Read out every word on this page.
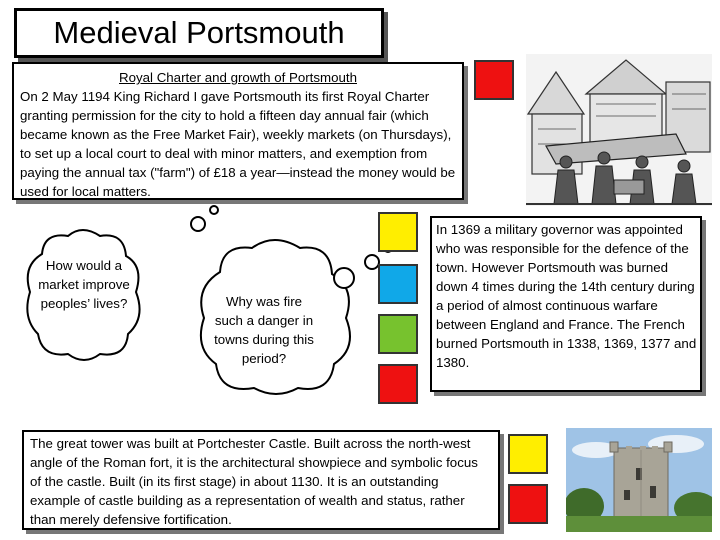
Medieval Portsmouth
Royal Charter and growth of Portsmouth
On 2 May 1194 King Richard I gave Portsmouth its first Royal Charter granting permission for the city to hold a fifteen day annual fair (which became known as the Free Market Fair), weekly markets (on Thursdays), to set up a local court to deal with minor matters, and exemption from paying the annual tax ("farm") of £18 a year—instead the money would be used for local matters.
How would a market improve peoples’ lives?	Why was fire such a danger in towns during this period?
In 1369 a military governor was appointed who was responsible for the defence of the town. However Portsmouth was burned down 4 times during the 14th century during a period of almost continuous warfare between England and France. The French burned Portsmouth in 1338, 1369, 1377 and 1380.
The great tower was built at Portchester Castle. Built across the north-west angle of the Roman fort, it is the architectural showpiece and symbolic focus of the castle. Built (in its first stage) in about 1130. It is an outstanding example of castle building as a representation of wealth and status, rather than merely defensive fortification.
